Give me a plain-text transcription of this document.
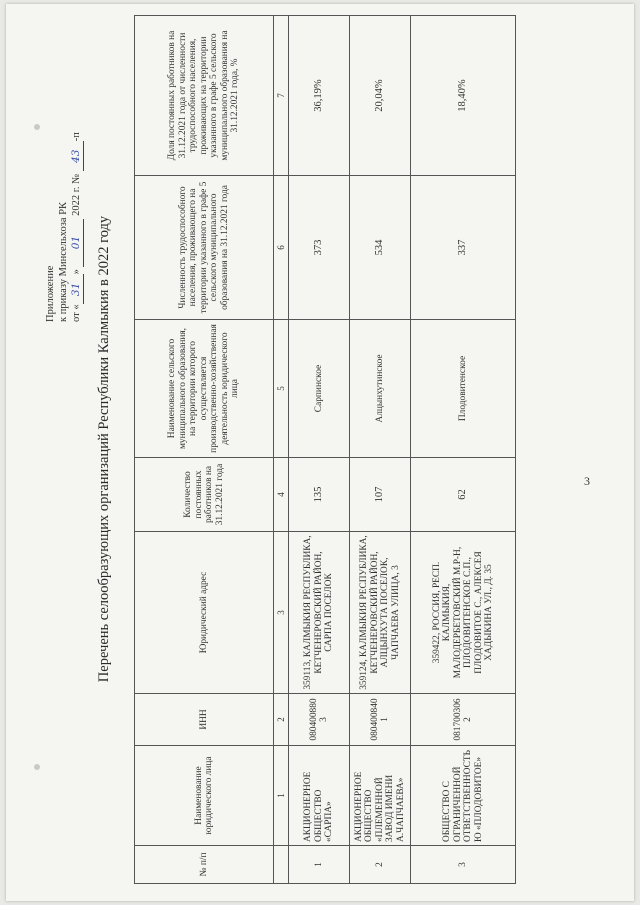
3
Приложение к приказу Минсельхоза РК от «31» 01 2022 г. № 43-п
Перечень селообразующих организаций Республики Калмыкия в 2022 году
№ п/п	Наименование юридического лица	ИНН	Юридический адрес	Количество постоянных работников на 31.12.2021 года	Наименование сельского муниципального образования, на территории которого осуществляется производственно-хозяйственная деятельность юридического лица	Численность трудоспособного населения, проживающего на территории указанного в графе 5 сельского муниципального образования на 31.12.2021 года	Доля постоянных работников на 31.12.2021 года от численности трудоспособного населения, проживающих на территории указанного в графе 5 сельского муниципального образования на 31.12.2021 года, %
	1	2	3	4	5	6	7
1	АКЦИОНЕРНОЕ ОБЩЕСТВО «САРПА»	0804008803	359113, КАЛМЫКИЯ РЕСПУБЛИКА, КЕТЧЕНЕРОВСКИЙ РАЙОН, САРПА ПОСЕЛОК	135	Сарпинское	373	36,19%
2	АКЦИОНЕРНОЕ ОБЩЕСТВО «ПЛЕМЕННОЙ ЗАВОД ИМЕНИ А.ЧАПЧАЕВА»	0804008401	359124, КАЛМЫКИЯ РЕСПУБЛИКА, КЕТЧЕНЕРОВСКИЙ РАЙОН, АЛЦЫНХУТА ПОСЕЛОК, ЧАПЧАЕВА УЛИЦА, 3	107	Алцынхутинское	534	20,04%
3	ОБЩЕСТВО С ОГРАНИЧЕННОЙ ОТВЕТСТВЕННОСТЬЮ «ПЛОДОВИТОЕ»	0817003062	359422, РОССИЯ, РЕСП. КАЛМЫКИЯ, МАЛОДЕРБЕТОВСКИЙ М.Р-Н, ПЛОДОВИТЕНСКОЕ С.П., ПЛОДОВИТОЕ С., АЛЕКСЕЯ ХАДЫКИНА УЛ., Д. 35	62	Плодовитенское	337	18,40%
